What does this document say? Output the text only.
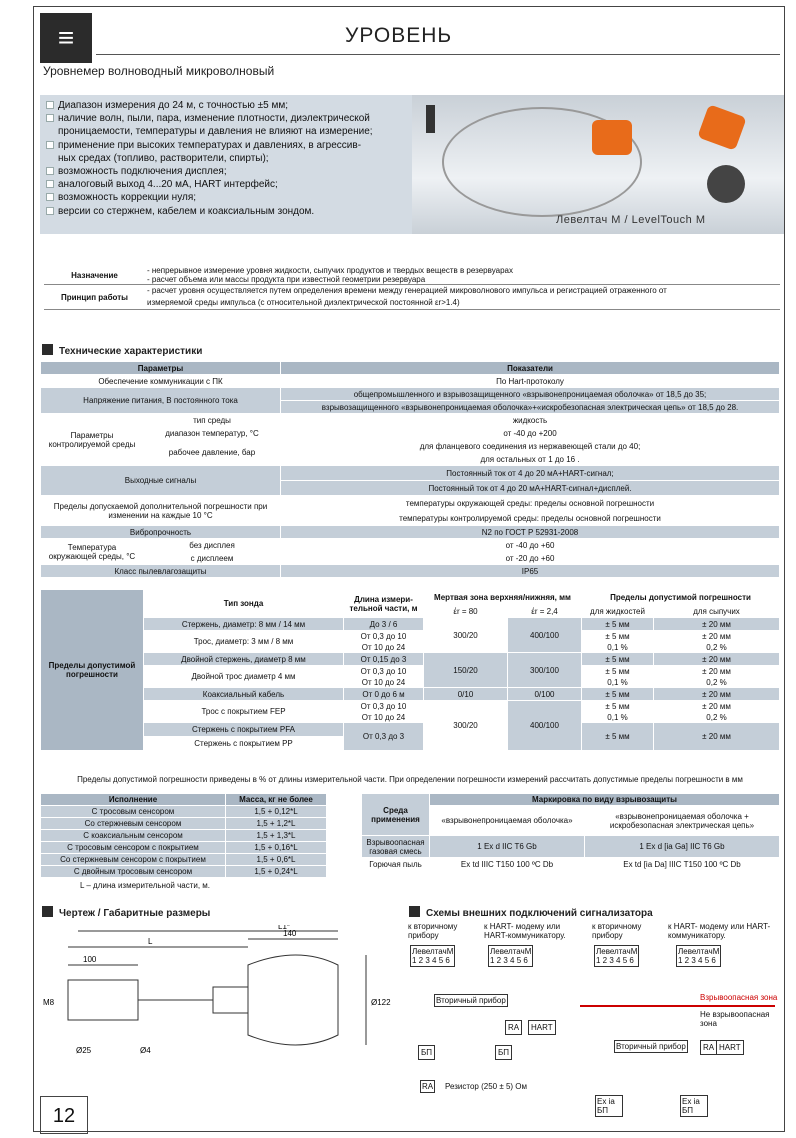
≡	УРОВЕНЬ
Уровнемер волноводный микроволновый
Диапазон измерения до 24 м, с точностью ±5 мм;
наличие волн, пыли, пара, изменение плотности, диэлектрической
проницаемости, температуры и давления не влияют на измерение;
применение при высоких температурах и давлениях, в агрессив-
ных средах (топливо, растворители, спирты);
возможность подключения дисплея;
аналоговый выход 4...20 мА, HART интерфейс;
возможность коррекции нуля;
версии со стержнем, кабелем и коаксиальным зондом.
Левелтач М / LevelTouch M
Назначение	- непрерывное измерение уровня жидкости, сыпучих продуктов и твердых веществ в резервуарах
- расчет объема или массы продукта при известной геометрии резервуара

Принцип работы	- расчет уровня осуществляется путем определения времени между генерацией микроволнового импульса и регистрацией отраженного от
измеряемой среды импульса (с относительной диэлектрической постоянной εr>1.4)
Технические характеристики
Параметры		Показатели
Обеспечение коммуникации с ПК		По Hart-протоколу
Напряжение питания, В постоянного тока		общепромышленного и взрывозащищенного «взрывонепроницаемая оболочка» от 18,5 до 35;
		взрывозащищенного «взрывонепроницаемая оболочка»+«искробезопасная электрическая цепь» от 18,5 до 28.
Параметры контролируемой среды	тип среды	жидкость
	диапазон температур, °С	от -40 до +200
	рабочее давление, бар	для фланцевого соединения из нержавеющей стали до 40;
		для остальных от 1 до 16 .
Выходные сигналы		Постоянный ток от 4 до 20 мА+HART-сигнал;
		Постоянный ток от 4 до 20 мА+HART-сигнал+дисплей.
Пределы допускаемой дополнительной погрешности при изменении на каждые 10 °С		температуры окружающей среды: пределы основной погрешности
		температуры контролируемой среды: пределы основной погрешности
Вибропрочность		N2 по ГОСТ Р 52931-2008
Температура окружающей среды, °С	без дисплея	от -40 до +60
	с дисплеем	от -20 до +60
Класс пылевлагозащиты		IP65
Пределы допустимой погрешности	Тип зонда	Длина измери-тельной части, м	Мертвая зона верхняя/нижняя, мм		Пределы допустимой погрешности	
			έr = 80	έr = 2,4	для жидкостей	для сыпучих
	Стержень, диаметр: 8 мм / 14 мм	До 3 / 6	300/20	400/100	± 5 мм	± 20 мм
	Трос, диаметр: 3 мм / 8 мм	От 0,3 до 10			± 5 мм	± 20 мм
		От 10 до 24			0,1 %	0,2 %
	Двойной стержень, диаметр 8 мм	От 0,15 до 3	150/20	300/100	± 5 мм	± 20 мм
	Двойной трос диаметр 4 мм	От 0,3 до 10			± 5 мм	± 20 мм
		От 10 до 24			0,1 %	0,2 %
	Коаксиальный кабель	От 0 до 6 м	0/10	0/100	± 5 мм	± 20 мм
	Трос с покрытием FEP	От 0,3 до 10	300/20	400/100	± 5 мм	± 20 мм
		От 10 до 24			0,1 %	0,2 %
	Стержень с покрытием PFA	От 0,3 до 3			± 5 мм	± 20 мм
	Стержень с покрытием PP					
Пределы допустимой погрешности приведены в % от длины измерительной части. При определении погрешности измерений рассчитать допустимые пределы погрешности в мм
Исполнение	Масса, кг не более
С тросовым сенсором	1,5 + 0,12*L
Со стержневым сенсором	1,5 + 1,2*L
С коаксиальным сенсором	1,5 + 1,3*L
С тросовым сенсором с покрытием	1,5 + 0,16*L
Со стержневым сенсором с покрытием	1,5 + 0,6*L
С двойным тросовым сенсором	1,5 + 0,24*L
L – длина измерительной части, м.
Среда применения	Маркировка по виду взрывозащиты	
	«взрывонепроницаемая оболочка»	«взрывонепроницаемая оболочка + искробезопасная электрическая цепь»
Взрывоопасная газовая смесь	1 Ex d IIC T6 Gb	1 Ex d [ia Ga] IIC T6 Gb
Горючая пыль	Ex td IIIC T150 100 ºC Db	Ex td [ia Da] IIIC T150 100 ºC Db
Чертеж / Габаритные размеры
100
L
140
L1*
M8
Ø25	Ø4
Ø122
Схемы внешних подключений сигнализатора
к вторичному прибору
к HART- модему или HART-коммуникатору.
к вторичному прибору
к HART- модему или HART-коммуникатору.
ЛевелтачМ
1 2 3 4 5 6
ЛевелтачМ
1 2 3 4 5 6
ЛевелтачМ
1 2 3 4 5 6
ЛевелтачМ
1 2 3 4 5 6
Вторичный прибор
RA	HART
БП	БП
Взрывоопасная зона
Не взрывоопасная зона
Вторичный прибор	RA HART
Ex ia БП
Ex ia БП
RA Резистор (250 ± 5) Ом
12
